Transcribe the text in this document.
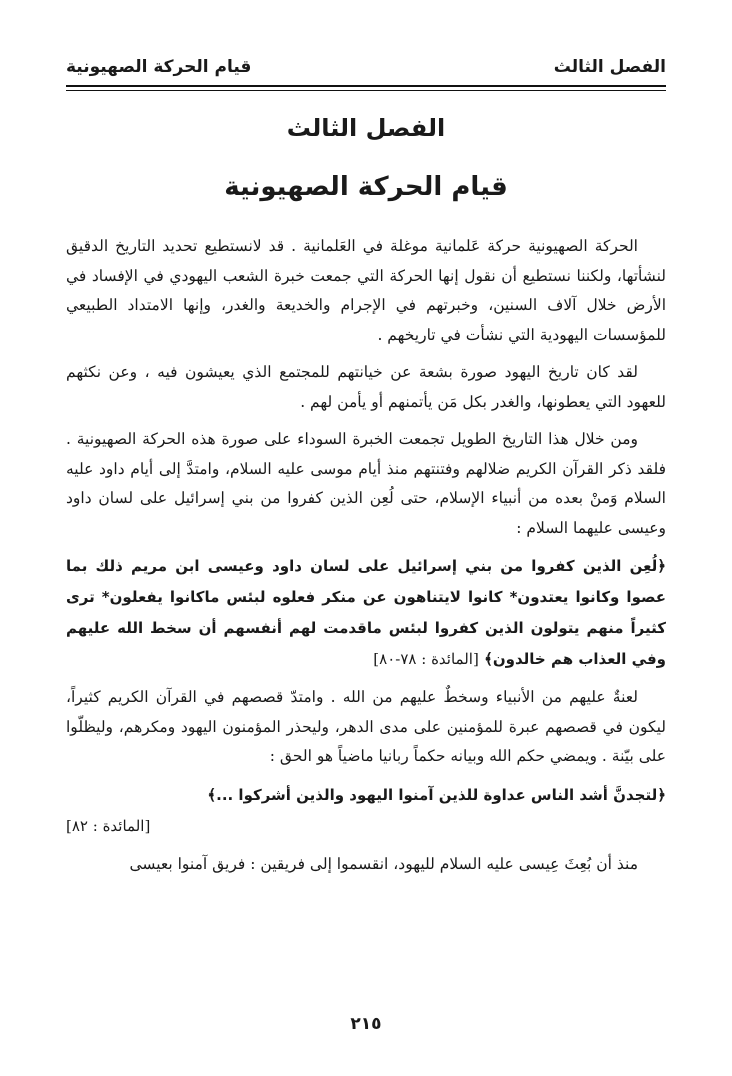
الفصل الثالث
قيام الحركة الصهيونية
الفصل الثالث
قيام الحركة الصهيونية

الحركة الصهيونية حركة عَلمانية موغلة في العَلمانية . قد لانستطيع تحديد التاريخ الدقيق لنشأتها، ولكننا نستطيع أن نقول إنها الحركة التي جمعت خبرة الشعب اليهودي في الإفساد في الأرض خلال آلاف السنين، وخبرتهم في الإجرام والخديعة والغدر، وإنها الامتداد الطبيعي للمؤسسات اليهودية التي نشأت في تاريخهم .

لقد كان تاريخ اليهود صورة بشعة عن خيانتهم للمجتمع الذي يعيشون فيه ، وعن نكثهم للعهود التي يعطونها، والغدر بكل مَن يأتمنهم أو يأمن لهم .

ومن خلال هذا التاريخ الطويل تجمعت الخبرة السوداء على صورة هذه الحركة الصهيونية . فلقد ذكر القرآن الكريم ضلالهم وفتنتهم منذ أيام موسى عليه السلام، وامتدَّ إلى أيام داود عليه السلام وَمنْ بعده من أنبياء الإسلام، حتى لُعِن الذين كفروا من بني إسرائيل على لسان داود وعيسى عليهما السلام :

﴿لُعِن الذين كفروا من بني إسرائيل على لسان داود وعيسى ابن مريم ذلك بما عصوا وكانوا يعتدون* كانوا لايتناهون عن منكر فعلوه لبئس ماكانوا يفعلون* ترى كثيراً منهم يتولون الذين كفروا لبئس ماقدمت لهم أنفسهم أن سخط الله عليهم وفي العذاب هم خالدون﴾ [المائدة : ٧٨-٨٠]

لعنةٌ عليهم من الأنبياء وسخطٌ عليهم من الله . وامتدّ قصصهم في القرآن الكريم كثيراً، ليكون في قصصهم عبرة للمؤمنين على مدى الدهر، وليحذر المؤمنون اليهود ومكرهم، وليظلّوا على بيّنة . ويمضي حكم الله وبيانه حكماً ربانيا ماضياً هو الحق :

﴿لتجدنَّ أشد الناس عداوة للذين آمنوا اليهود والذين أشركوا ...﴾
[المائدة : ٨٢]

منذ أن بُعِثَ عِيسى عليه السلام لليهود، انقسموا إلى فريقين : فريق آمنوا بعيسى

٢١٥
